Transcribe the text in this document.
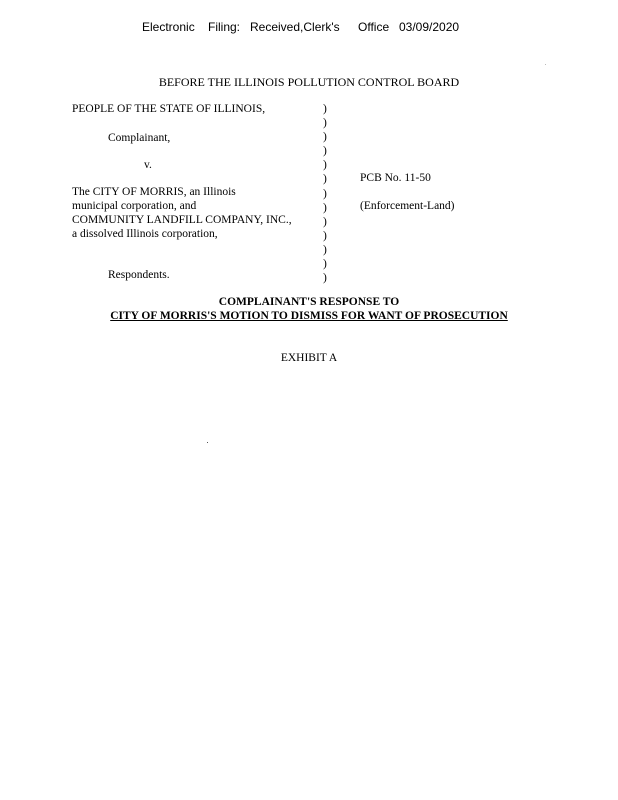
Electronic Filing: Received,Clerk's Office 03/09/2020
BEFORE THE ILLINOIS POLLUTION CONTROL BOARD
PEOPLE OF THE STATE OF ILLINOIS,
Complainant,
v.
The CITY OF MORRIS, an Illinois
municipal corporation, and
COMMUNITY LANDFILL COMPANY, INC.,
a dissolved Illinois corporation,
Respondents.
)
)
)
)
)
)
)
)
)
)
)
)
)
PCB No. 11-50
(Enforcement-Land)
COMPLAINANT'S RESPONSE TO
CITY OF MORRIS'S MOTION TO DISMISS FOR WANT OF PROSECUTION
EXHIBIT A
